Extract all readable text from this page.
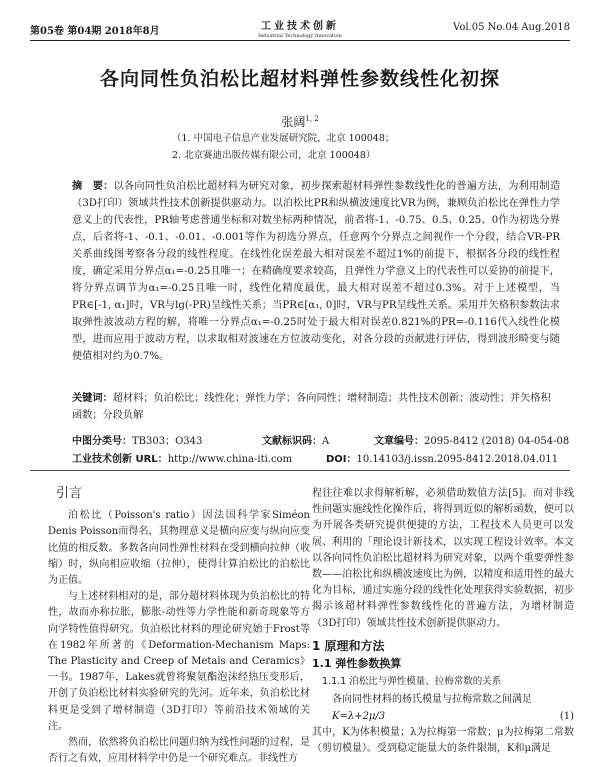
第05卷 第04期 2018年8月	工业技术创新
Industrial Technology Innovation
Vol.05 No.04 Aug.2018
各向同性负泊松比超材料弹性参数线性化初探
张阔$^{1, 2}$
（1. 中国电子信息产业发展研究院，北京 100048；
2. 北京赛迪出版传媒有限公司，北京 100048）
摘　要：以各向同性负泊松比超材料为研究对象，初步探索超材料弹性参数线性化的普遍方法，为利用制造（3D打印）领域共性技术创新提供驱动力。以泊松比PR和纵横波速度比VR为例，兼顾负泊松比在弹性力学意义上的代表性，PR轴考虑普通坐标和对数坐标两种情况，前者将-1、-0.75、0.5、0.25、0作为初选分界点，后者将-1、-0.1、-0.01、-0.001等作为初选分界点，任意两个分界点之间视作一个分段，结合VR-PR关系曲线图考察各分段的线性程度。在线性化误差最大相对误差不超过1%的前提下，根据各分段的线性程度，确定采用分界点α₁=-0.25且唯一；在精确度要求较高，且弹性力学意义上的代表性可以妥协的前提下，将分界点调节为α₁=-0.25且唯一时，线性化精度最优，最大相对误差不超过0.3%。对于上述模型，当PR∈[-1, α₁]时，VR与lg(-PR)呈线性关系；当PR∈[α₁, 0]时，VR与PR呈线性关系。采用并矢格积参数法求取弹性波波动方程的解，将唯一分界点α₁=-0.25时处于最大相对误差0.821%的PR=-0.116代入线性化模型，进而应用于波动方程，以求取相对波速在方位波动变化，对各分段的贡献进行评估，得到波形畸变与随便值相对约为0.7%。
关键词：超材料；负泊松比；线性化；弹性力学；各向同性；增材制造；共性技术创新；波动性；并矢格积函数；分段负解
中图分类号：TB303；O343	文献标识码：A	文章编号：2095-8412 (2018) 04-054-08
工业技术创新 URL：http://www.china-iti.com	DOI：10.14103/j.issn.2095-8412.2018.04.011
引言

泊松比（Poisson's ratio）因法国科学家Siméon Denis Poisson而得名，其物理意义是横向应变与纵向应变比值的相反数。多数各向同性弹性材料在受到横向拉伸（收缩）时，纵向相应收缩（拉伸），使得计算泊松比的泊松比为正值。

与上述材料相对的是，部分超材料体现为负泊松比的特性，故而亦称拉胀，膨胀-动性等力学性能和新奇现象等方向学特性值得研究。负泊松比材料的理论研究始于Frost等在1982年所著的《Deformation-Mechanism Maps: The Plasticity and Creep of Metals and Ceramics》一书。1987年，Lakes就曾将聚氨酯泡沫经热压变形后，开创了负泊松比材料实验研究的先河。近年来，负泊松比材料更是受到了增材制造（3D打印）等前沿技术领域的关注。

然而，依然将负泊松比问题归纳为线性问题的过程，是否行之有效，应用材料学中仍是一个研究难点。非线性方

程往往难以求得解析解，必须借助数值方法[5]。而对非线性问题实施线性化操作后，将得到近似的解析函数，便可以为开展各类研究提供便捷的方法，工程技术人员更可以发展、利用的「理论设计新技术，以实现工程设计效率。本文以各向同性负泊松比超材料为研究对象，以两个重要弹性参数——泊松比和纵横波速度比为例，以精度和适用性的最大化为目标，通过实施分段的线性化处理获得实验数据，初步揭示该超材料弹性参数线性化的普遍方法，为增材制造（3D打印）领域共性技术创新提供驱动力。

1 原理和方法
1.1 弹性参数换算
1.1.1 泊松比与弹性模量、拉梅常数的关系

各向同性材料的杨氏模量与拉梅常数之间满足

K=λ+2μ/3	(1)

其中，K为体积模量；λ为拉梅第一常数；μ为拉梅第二常数（剪切模量）。受到稳定能量大的条件限制，K和μ满足
